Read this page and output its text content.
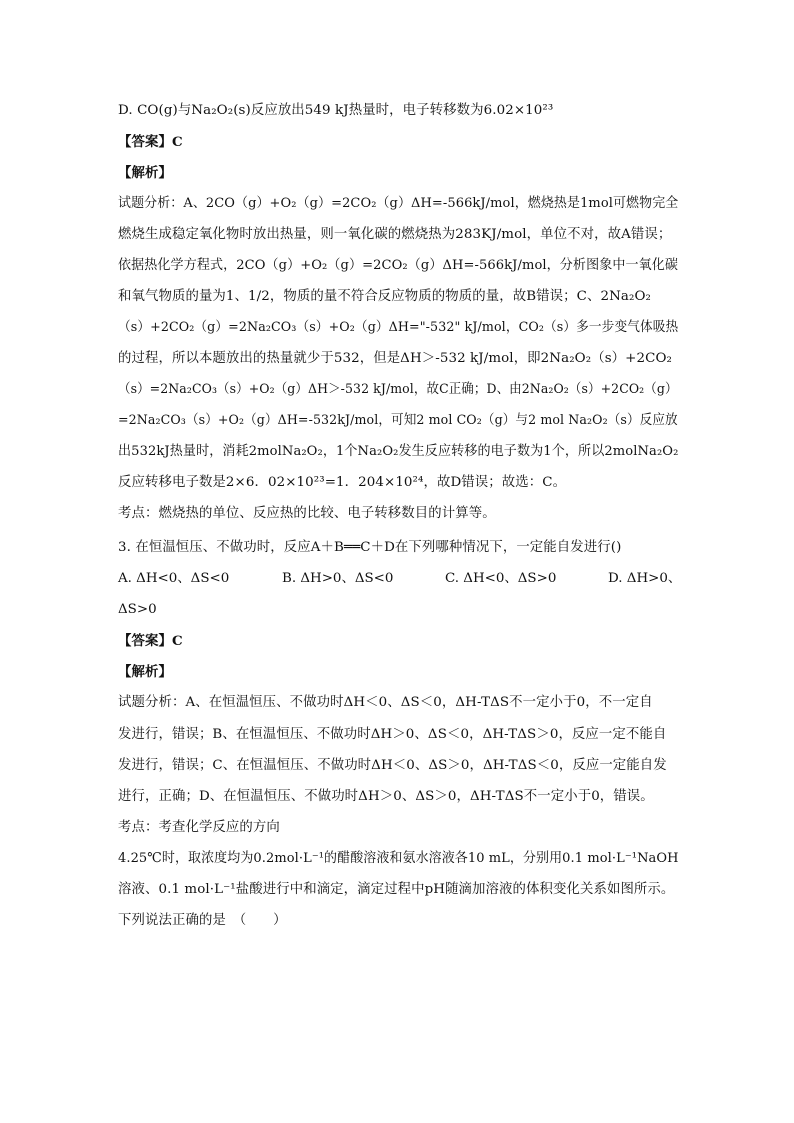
D. CO(g)与Na₂O₂(s)反应放出549 kJ热量时，电子转移数为6.02×10²³
【答案】C
【解析】
试题分析：A、2CO（g）+O₂（g）=2CO₂（g）ΔH=-566kJ/mol，燃烧热是1mol可燃物完全
燃烧生成稳定氧化物时放出热量，则一氧化碳的燃烧热为283KJ/mol，单位不对，故A错误；
依据热化学方程式，2CO（g）+O₂（g）=2CO₂（g）ΔH=-566kJ/mol，分析图象中一氧化碳
和氧气物质的量为1、1/2，物质的量不符合反应物质的物质的量，故B错误；C、2Na₂O₂
（s）+2CO₂（g）=2Na₂CO₃（s）+O₂（g）ΔH="-532" kJ/mol，CO₂（s）多一步变气体吸热
的过程，所以本题放出的热量就少于532，但是ΔH＞-532 kJ/mol，即2Na₂O₂（s）+2CO₂
（s）=2Na₂CO₃（s）+O₂（g）ΔH＞-532 kJ/mol，故C正确；D、由2Na₂O₂（s）+2CO₂（g）
=2Na₂CO₃（s）+O₂（g）ΔH=-532kJ/mol，可知2 mol CO₂（g）与2 mol Na₂O₂（s）反应放
出532kJ热量时，消耗2molNa₂O₂，1个Na₂O₂发生反应转移的电子数为1个，所以2molNa₂O₂
反应转移电子数是2×6．02×10²³=1．204×10²⁴，故D错误；故选：C。
考点：燃烧热的单位、反应热的比较、电子转移数目的计算等。
3. 在恒温恒压、不做功时，反应A＋B══C＋D在下列哪种情况下，一定能自发进行()
A. ΔH<0、ΔS<0	B. ΔH>0、ΔS<0	C. ΔH<0、ΔS>0	D. ΔH>0、
ΔS>0
【答案】C
【解析】
试题分析：A、在恒温恒压、不做功时ΔH＜0、ΔS＜0，ΔH-TΔS不一定小于0，不一定自
发进行，错误；B、在恒温恒压、不做功时ΔH＞0、ΔS＜0，ΔH-TΔS＞0，反应一定不能自
发进行，错误；C、在恒温恒压、不做功时ΔH＜0、ΔS＞0，ΔH-TΔS＜0，反应一定能自发
进行，正确；D、在恒温恒压、不做功时ΔH＞0、ΔS＞0，ΔH-TΔS不一定小于0，错误。
考点：考查化学反应的方向
4.25℃时，取浓度均为0.2mol·L⁻¹的醋酸溶液和氨水溶液各10 mL，分别用0.1 mol·L⁻¹NaOH
溶液、0.1 mol·L⁻¹盐酸进行中和滴定，滴定过程中pH随滴加溶液的体积变化关系如图所示。
下列说法正确的是　（　　）
